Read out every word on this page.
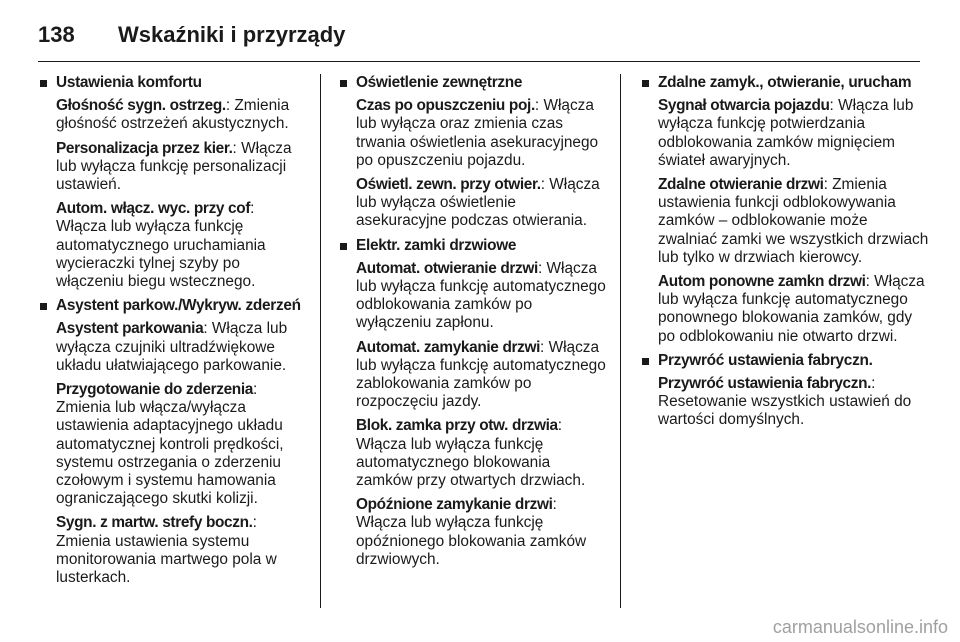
138	Wskaźniki i przyrządy
Ustawienia komfortu
Głośność sygn. ostrzeg.: Zmienia głośność ostrzeżeń akustycznych.
Personalizacja przez kier.: Włącza lub wyłącza funkcję personalizacji ustawień.
Autom. włącz. wyc. przy cof: Włącza lub wyłącza funkcję automatycznego uruchamiania wycieraczki tylnej szyby po włączeniu biegu wstecznego.
Asystent parkow./Wykryw. zderzeń
Asystent parkowania: Włącza lub wyłącza czujniki ultradźwiękowe układu ułatwiającego parkowanie.
Przygotowanie do zderzenia: Zmienia lub włącza/wyłącza ustawienia adaptacyjnego układu automatycznej kontroli prędkości, systemu ostrzegania o zderzeniu czołowym i systemu hamowania ograniczającego skutki kolizji.
Sygn. z martw. strefy boczn.: Zmienia ustawienia systemu monitorowania martwego pola w lusterkach.
Oświetlenie zewnętrzne
Czas po opuszczeniu poj.: Włącza lub wyłącza oraz zmienia czas trwania oświetlenia asekuracyjnego po opuszczeniu pojazdu.
Oświetl. zewn. przy otwier.: Włącza lub wyłącza oświetlenie asekuracyjne podczas otwierania.
Elektr. zamki drzwiowe
Automat. otwieranie drzwi: Włącza lub wyłącza funkcję automatycznego odblokowania zamków po wyłączeniu zapłonu.
Automat. zamykanie drzwi: Włącza lub wyłącza funkcję automatycznego zablokowania zamków po rozpoczęciu jazdy.
Blok. zamka przy otw. drzwia: Włącza lub wyłącza funkcję automatycznego blokowania zamków przy otwartych drzwiach.
Opóźnione zamykanie drzwi: Włącza lub wyłącza funkcję opóźnionego blokowania zamków drzwiowych.
Zdalne zamyk., otwieranie, urucham
Sygnał otwarcia pojazdu: Włącza lub wyłącza funkcję potwierdzania odblokowania zamków mignięciem świateł awaryjnych.
Zdalne otwieranie drzwi: Zmienia ustawienia funkcji odblokowywania zamków – odblokowanie może zwalniać zamki we wszystkich drzwiach lub tylko w drzwiach kierowcy.
Autom ponowne zamkn drzwi: Włącza lub wyłącza funkcję automatycznego ponownego blokowania zamków, gdy po odblokowaniu nie otwarto drzwi.
Przywróć ustawienia fabryczn.
Przywróć ustawienia fabryczn.: Resetowanie wszystkich ustawień do wartości domyślnych.
carmanualsonline.info
